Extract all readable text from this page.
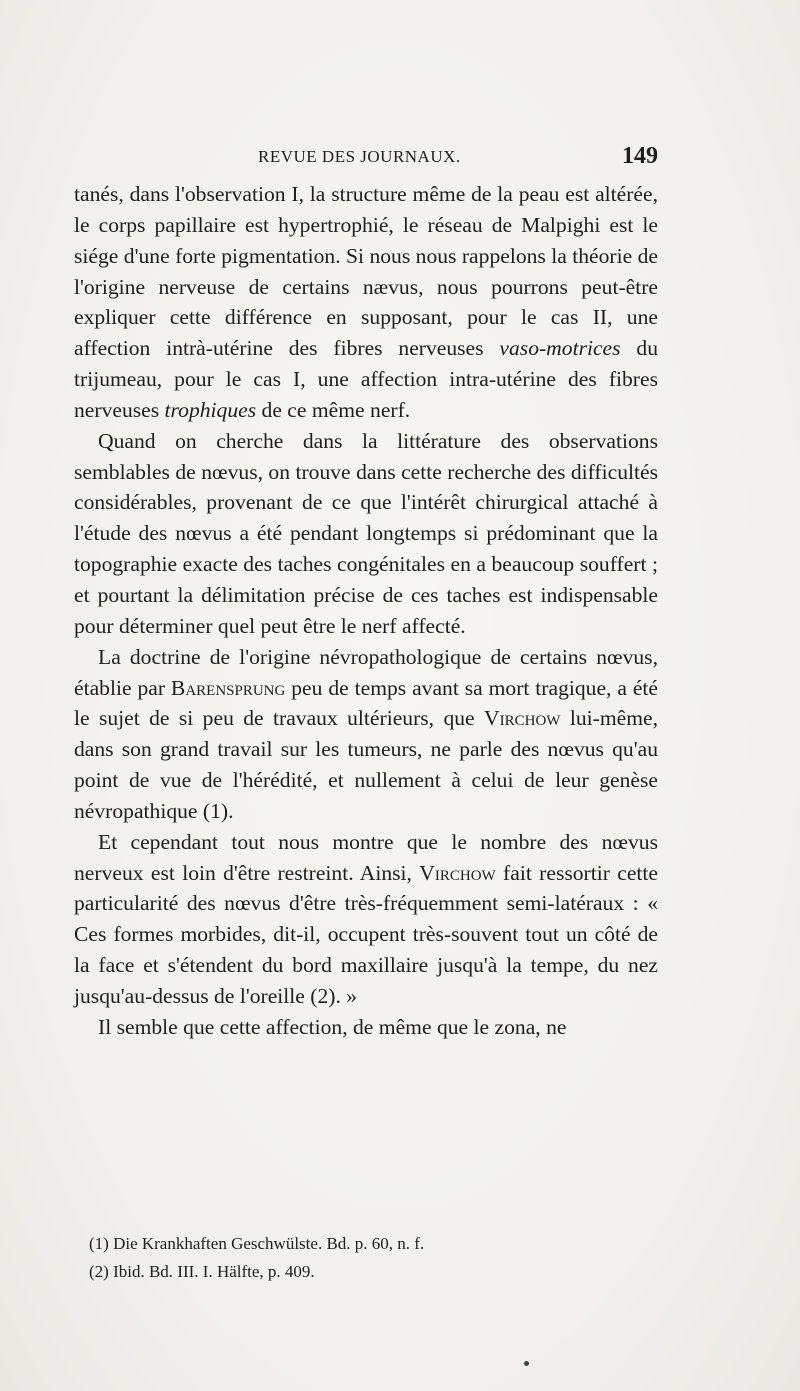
REVUE DES JOURNAUX.	149

tanés, dans l'observation I, la structure même de la peau est altérée, le corps papillaire est hypertrophié, le réseau de Malpighi est le siége d'une forte pigmentation. Si nous nous rappelons la théorie de l'origine nerveuse de certains nævus, nous pourrons peut-être expliquer cette différence en supposant, pour le cas II, une affection intrà-utérine des fibres nerveuses vaso-motrices du trijumeau, pour le cas I, une affection intra-utérine des fibres nerveuses trophiques de ce même nerf.

Quand on cherche dans la littérature des observations semblables de nœvus, on trouve dans cette recherche des difficultés considérables, provenant de ce que l'intérêt chirurgical attaché à l'étude des nœvus a été pendant longtemps si prédominant que la topographie exacte des taches congénitales en a beaucoup souffert ; et pourtant la délimitation précise de ces taches est indispensable pour déterminer quel peut être le nerf affecté.

La doctrine de l'origine névropathologique de certains nœvus, établie par Barensprung peu de temps avant sa mort tragique, a été le sujet de si peu de travaux ultérieurs, que Virchow lui-même, dans son grand travail sur les tumeurs, ne parle des nœvus qu'au point de vue de l'hérédité, et nullement à celui de leur genèse névropathique (1).

Et cependant tout nous montre que le nombre des nœvus nerveux est loin d'être restreint. Ainsi, Virchow fait ressortir cette particularité des nœvus d'être très-fréquemment semi-latéraux : « Ces formes morbides, dit-il, occupent très-souvent tout un côté de la face et s'étendent du bord maxillaire jusqu'à la tempe, du nez jusqu'au-dessus de l'oreille (2). »

Il semble que cette affection, de même que le zona, ne

(1) Die Krankhaften Geschwülste. Bd. p. 60, n. f.

(2) Ibid. Bd. III. I. Hälfte, p. 409.
